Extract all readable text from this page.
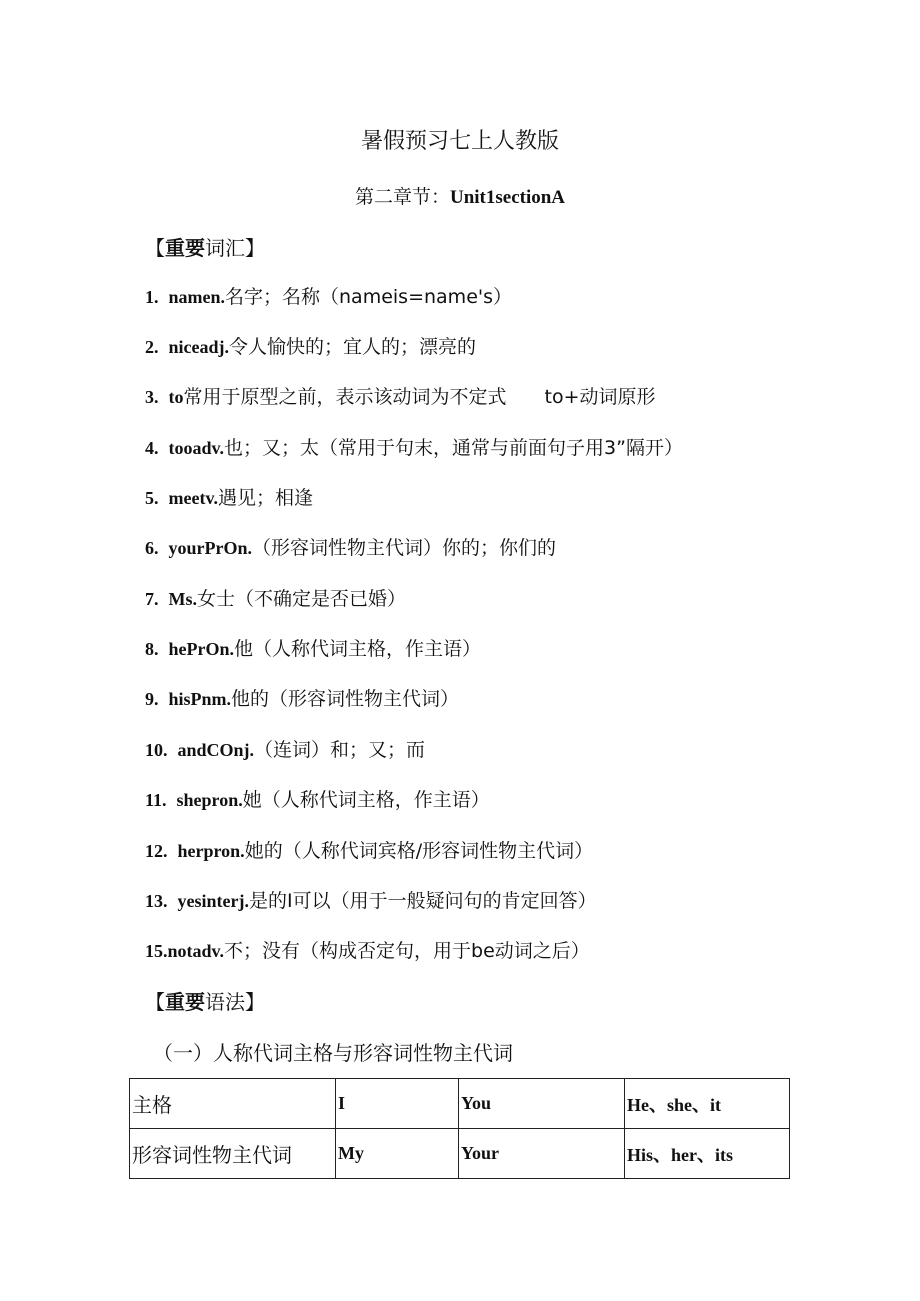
暑假预习七上人教版
第二章节：Unit1sectionA
【重要词汇】
1. namen.名字；名称（nameis=name's）
2. niceadj.令人愉快的；宜人的；漂亮的
3. to常用于原型之前，表示该动词为不定式　　to+动词原形
4. tooadv.也；又；太（常用于句末，通常与前面句子用3”隔开）
5. meetv.遇见；相逢
6. yourPrOn.（形容词性物主代词）你的；你们的
7. Ms.女士（不确定是否已婚）
8. hePrOn.他（人称代词主格，作主语）
9. hisPnm.他的（形容词性物主代词）
10. andCOnj.（连词）和；又；而
11. shepron.她（人称代词主格，作主语）
12. herpron.她的（人称代词宾格/形容词性物主代词）
13. yesinterj.是的I可以（用于一般疑问句的肯定回答）
15.notadv.不；没有（构成否定句，用于be动词之后）
【重要语法】
（一）人称代词主格与形容词性物主代词
主格	I	You	He、she、it
形容词性物主代词	My	Your	His、her、its
